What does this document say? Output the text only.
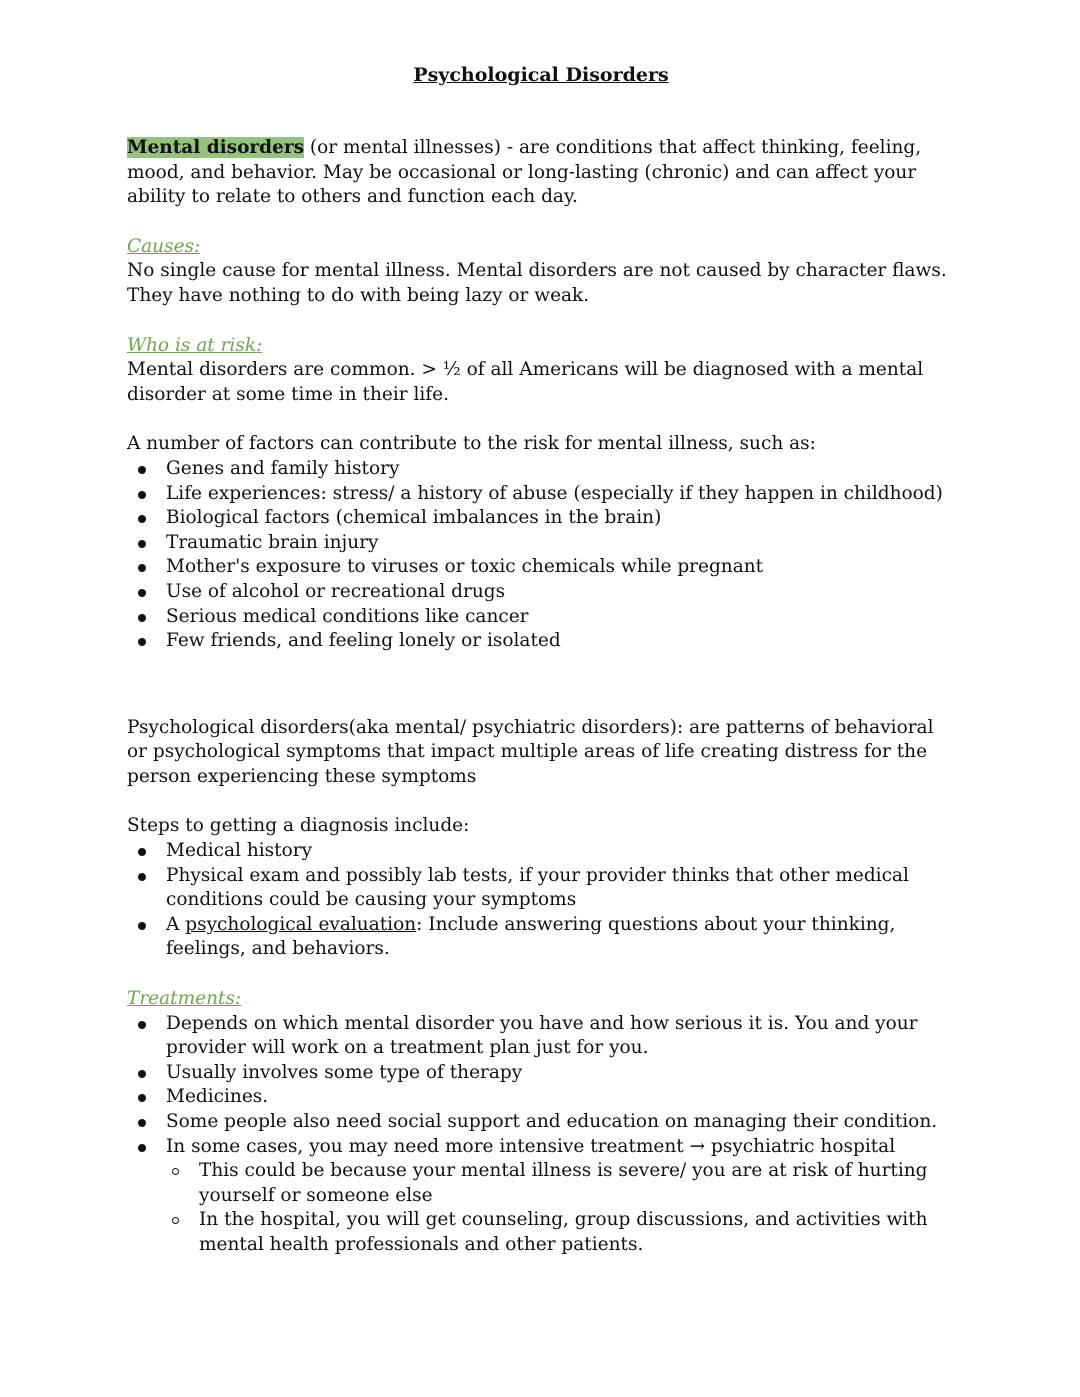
Psychological Disorders

Mental disorders (or mental illnesses) - are conditions that affect thinking, feeling, mood, and behavior. May be occasional or long-lasting (chronic) and can affect your ability to relate to others and function each day.

Causes:

No single cause for mental illness. Mental disorders are not caused by character flaws. They have nothing to do with being lazy or weak.

Who is at risk:

Mental disorders are common. > ½ of all Americans will be diagnosed with a mental disorder at some time in their life.

A number of factors can contribute to the risk for mental illness, such as:

Genes and family history
Life experiences: stress/ a history of abuse (especially if they happen in childhood)
Biological factors (chemical imbalances in the brain)
Traumatic brain injury
Mother's exposure to viruses or toxic chemicals while pregnant
Use of alcohol or recreational drugs
Serious medical conditions like cancer
Few friends, and feeling lonely or isolated

Psychological disorders(aka mental/ psychiatric disorders): are patterns of behavioral or psychological symptoms that impact multiple areas of life creating distress for the person experiencing these symptoms

Steps to getting a diagnosis include:

Medical history
Physical exam and possibly lab tests, if your provider thinks that other medical conditions could be causing your symptoms
A psychological evaluation: Include answering questions about your thinking, feelings, and behaviors.
Treatments:
Depends on which mental disorder you have and how serious it is. You and your provider will work on a treatment plan just for you.
Usually involves some type of therapy
Medicines.
Some people also need social support and education on managing their condition.
In some cases, you may need more intensive treatment → psychiatric hospital
This could be because your mental illness is severe/ you are at risk of hurting yourself or someone else
In the hospital, you will get counseling, group discussions, and activities with mental health professionals and other patients.
